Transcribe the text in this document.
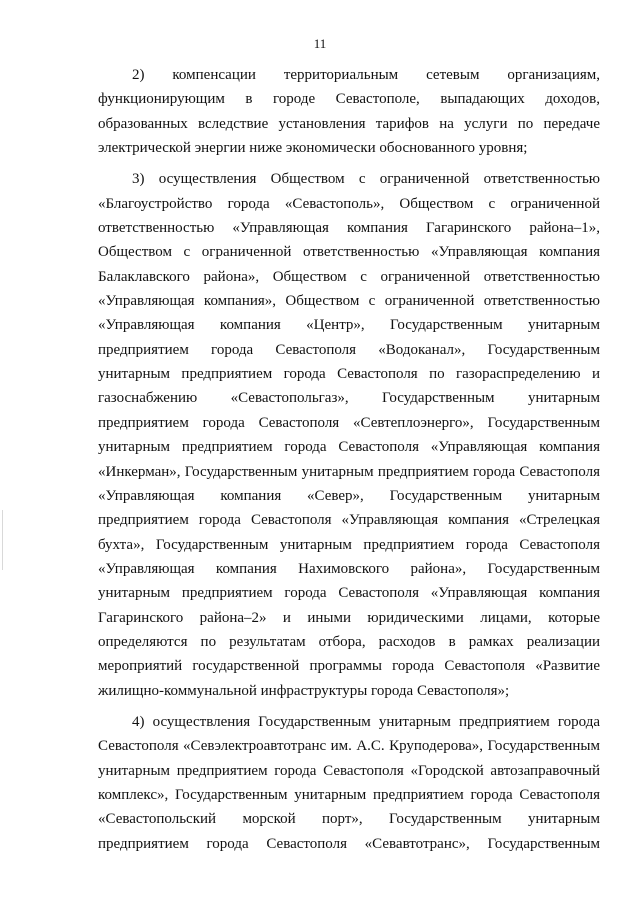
11
2) компенсации территориальным сетевым организациям,
функционирующим в городе Севастополе, выпадающих доходов,
образованных вследствие установления тарифов на услуги по передаче
электрической энергии ниже экономически обоснованного уровня;
3) осуществления Обществом с ограниченной ответственностью
«Благоустройство города «Севастополь», Обществом с ограниченной
ответственностью «Управляющая компания Гагаринского района–1»,
Обществом с ограниченной ответственностью «Управляющая компания
Балаклавского района», Обществом с ограниченной ответственностью
«Управляющая компания», Обществом с ограниченной ответственностью
«Управляющая компания «Центр», Государственным унитарным
предприятием города Севастополя «Водоканал», Государственным
унитарным предприятием города Севастополя по газораспределению и
газоснабжению «Севастопольгаз», Государственным унитарным
предприятием города Севастополя «Севтеплоэнерго», Государственным
унитарным предприятием города Севастополя «Управляющая компания
«Инкерман», Государственным унитарным предприятием города Севастополя
«Управляющая компания «Север», Государственным унитарным
предприятием города Севастополя «Управляющая компания «Стрелецкая
бухта», Государственным унитарным предприятием города Севастополя
«Управляющая компания Нахимовского района», Государственным
унитарным предприятием города Севастополя «Управляющая компания
Гагаринского района–2» и иными юридическими лицами, которые
определяются по результатам отбора, расходов в рамках реализации
мероприятий государственной программы города Севастополя «Развитие
жилищно-коммунальной инфраструктуры города Севастополя»;
4) осуществления Государственным унитарным предприятием города
Севастополя «Севэлектроавтотранс им. А.С. Круподерова», Государственным
унитарным предприятием города Севастополя «Городской автозаправочный
комплекс», Государственным унитарным предприятием города Севастополя
«Севастопольский морской порт», Государственным унитарным
предприятием города Севастополя «Севавтотранс», Государственным
